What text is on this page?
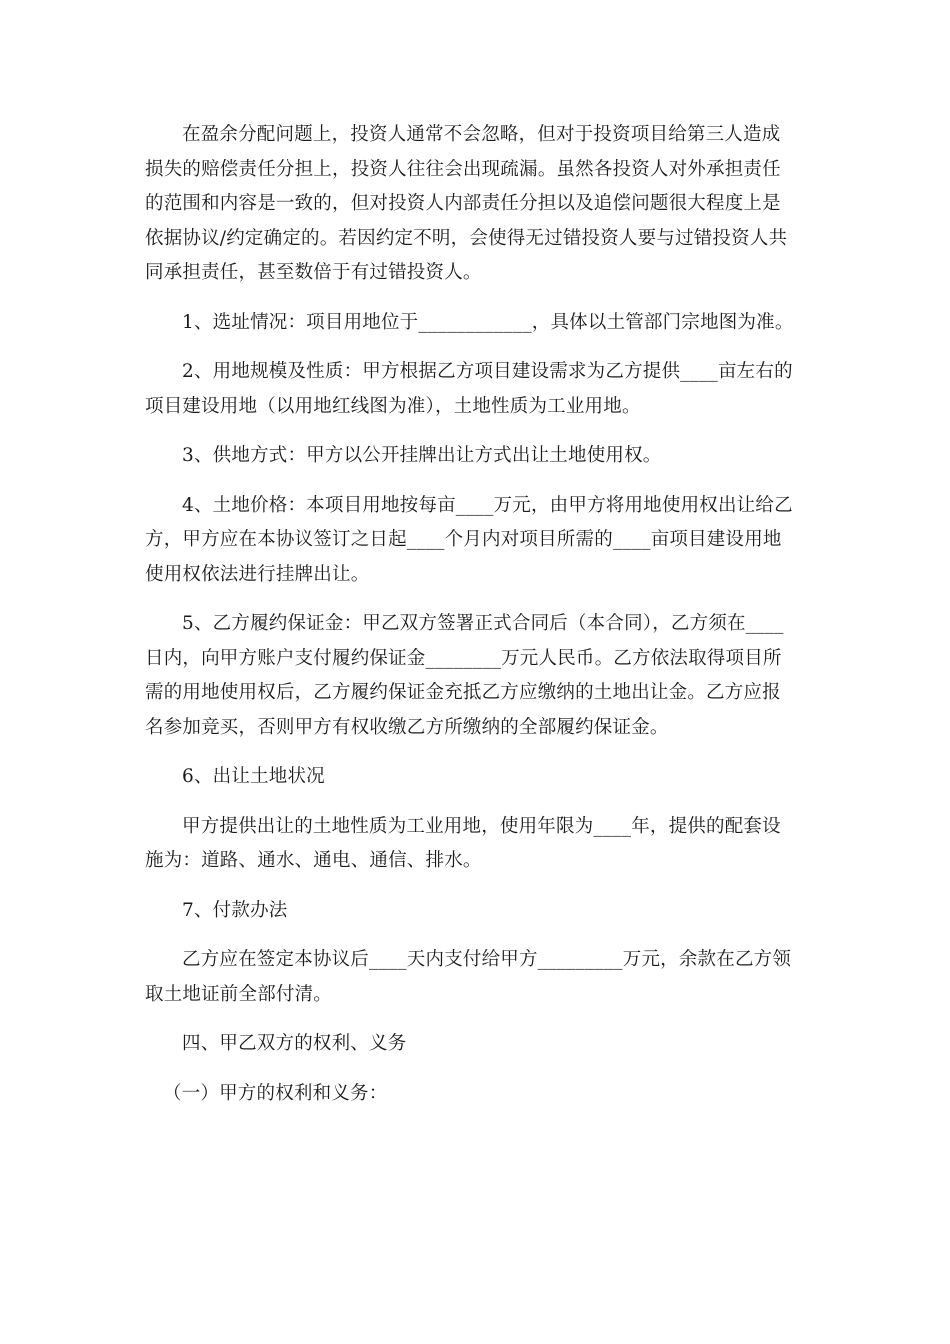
在盈余分配问题上，投资人通常不会忽略，但对于投资项目给第三人造成
损失的赔偿责任分担上，投资人往往会出现疏漏。虽然各投资人对外承担责任
的范围和内容是一致的，但对投资人内部责任分担以及追偿问题很大程度上是
依据协议/约定确定的。若因约定不明，会使得无过错投资人要与过错投资人共
同承担责任，甚至数倍于有过错投资人。

1、选址情况：项目用地位于____________，具体以土管部门宗地图为准。

2、用地规模及性质：甲方根据乙方项目建设需求为乙方提供____亩左右的
项目建设用地（以用地红线图为准），土地性质为工业用地。

3、供地方式：甲方以公开挂牌出让方式出让土地使用权。

4、土地价格：本项目用地按每亩____万元，由甲方将用地使用权出让给乙
方，甲方应在本协议签订之日起____个月内对项目所需的____亩项目建设用地
使用权依法进行挂牌出让。

5、乙方履约保证金：甲乙双方签署正式合同后（本合同），乙方须在____
日内，向甲方账户支付履约保证金________万元人民币。乙方依法取得项目所
需的用地使用权后，乙方履约保证金充抵乙方应缴纳的土地出让金。乙方应报
名参加竞买，否则甲方有权收缴乙方所缴纳的全部履约保证金。

6、出让土地状况

甲方提供出让的土地性质为工业用地，使用年限为____年，提供的配套设
施为：道路、通水、通电、通信、排水。

7、付款办法

乙方应在签定本协议后____天内支付给甲方_________万元，余款在乙方领
取土地证前全部付清。

四、甲乙双方的权利、义务

（一）甲方的权利和义务：
